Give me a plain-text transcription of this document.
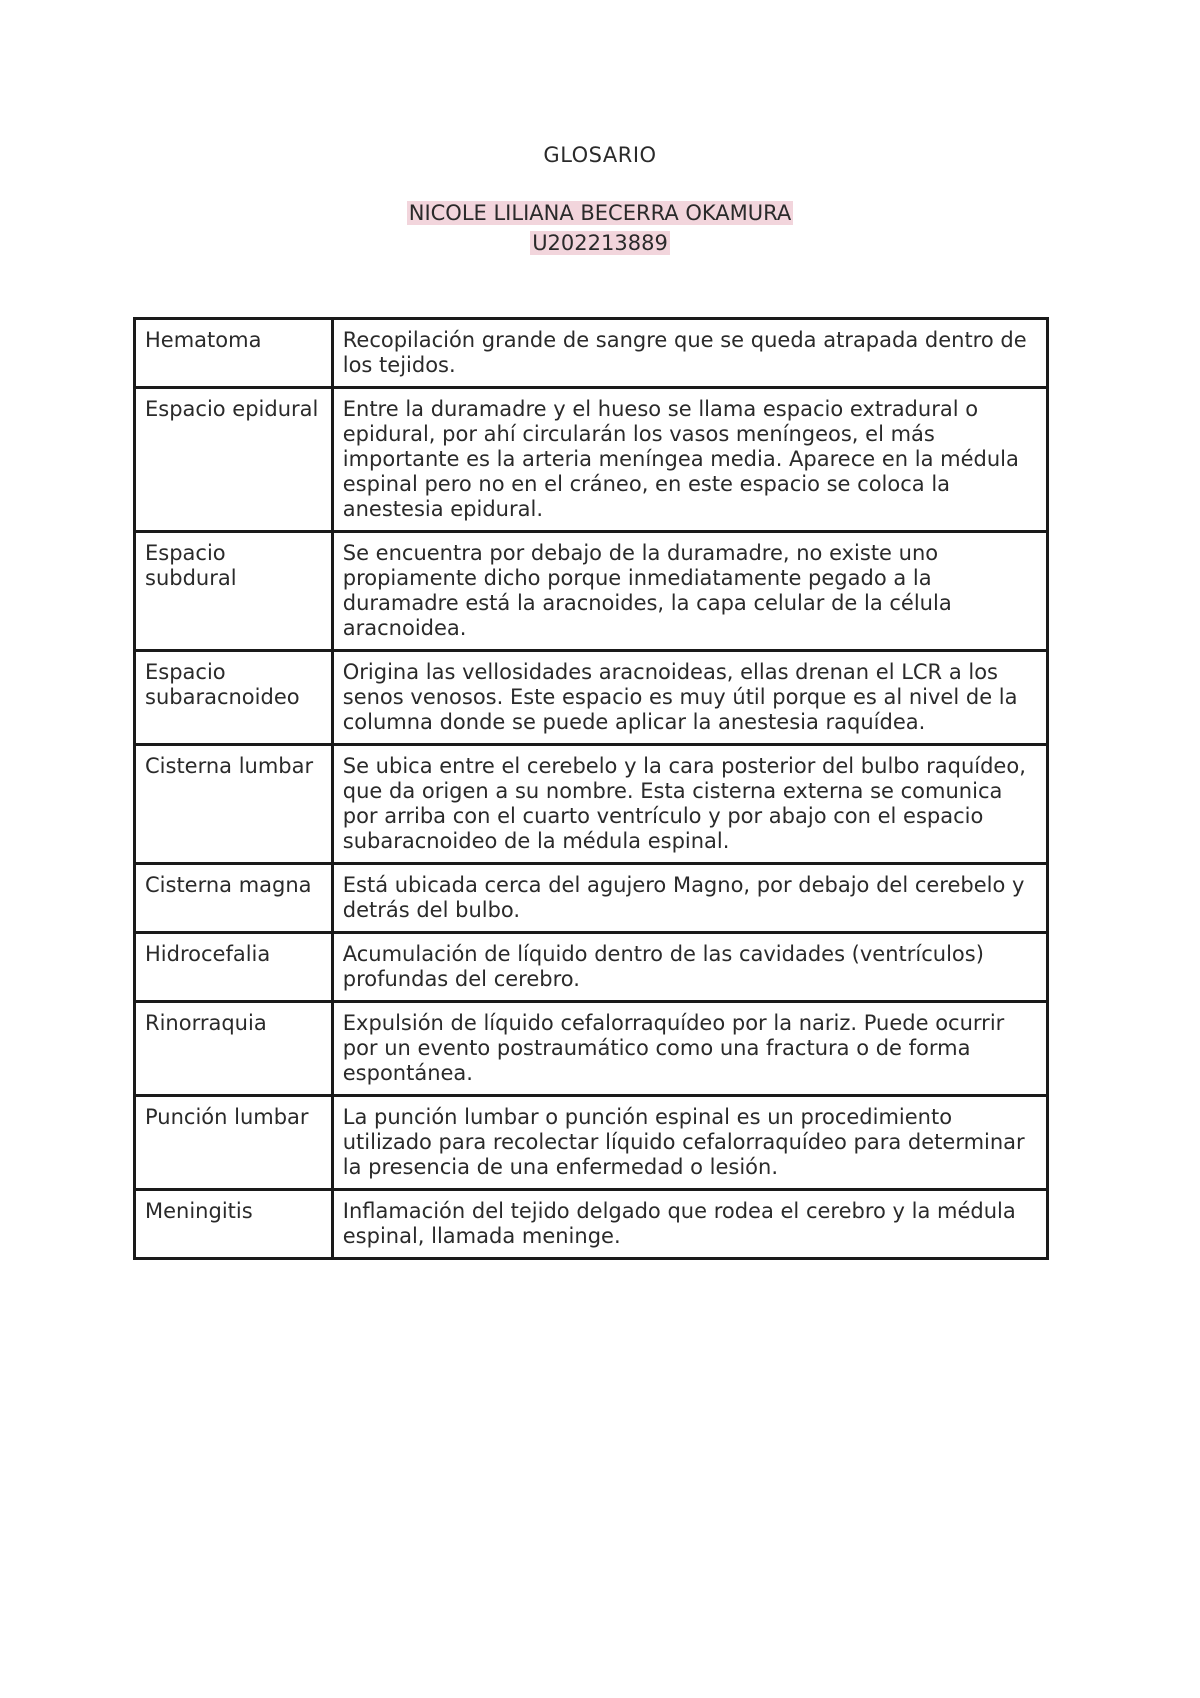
GLOSARIO
NICOLE LILIANA BECERRA OKAMURA
U202213889
Hematoma	Recopilación grande de sangre que se queda atrapada dentro de los tejidos.
Espacio epidural	Entre la duramadre y el hueso se llama espacio extradural o epidural, por ahí circularán los vasos meníngeos, el más importante es la arteria meníngea media. Aparece en la médula espinal pero no en el cráneo, en este espacio se coloca la anestesia epidural.
Espacio subdural	Se encuentra por debajo de la duramadre, no existe uno propiamente dicho porque inmediatamente pegado a la duramadre está la aracnoides, la capa celular de la célula aracnoidea.
Espacio subaracnoideo	Origina las vellosidades aracnoideas, ellas drenan el LCR a los senos venosos. Este espacio es muy útil porque es al nivel de la columna donde se puede aplicar la anestesia raquídea.
Cisterna lumbar	Se ubica entre el cerebelo y la cara posterior del bulbo raquídeo, que da origen a su nombre. Esta cisterna externa se comunica por arriba con el cuarto ventrículo y por abajo con el espacio subaracnoideo de la médula espinal.
Cisterna magna	Está ubicada cerca del agujero Magno, por debajo del cerebelo y detrás del bulbo.
Hidrocefalia	Acumulación de líquido dentro de las cavidades (ventrículos) profundas del cerebro.
Rinorraquia	Expulsión de líquido cefalorraquídeo por la nariz. Puede ocurrir por un evento postraumático como una fractura o de forma espontánea.
Punción lumbar	La punción lumbar o punción espinal es un procedimiento utilizado para recolectar líquido cefalorraquídeo para determinar la presencia de una enfermedad o lesión.
Meningitis	Inflamación del tejido delgado que rodea el cerebro y la médula espinal, llamada meninge.
